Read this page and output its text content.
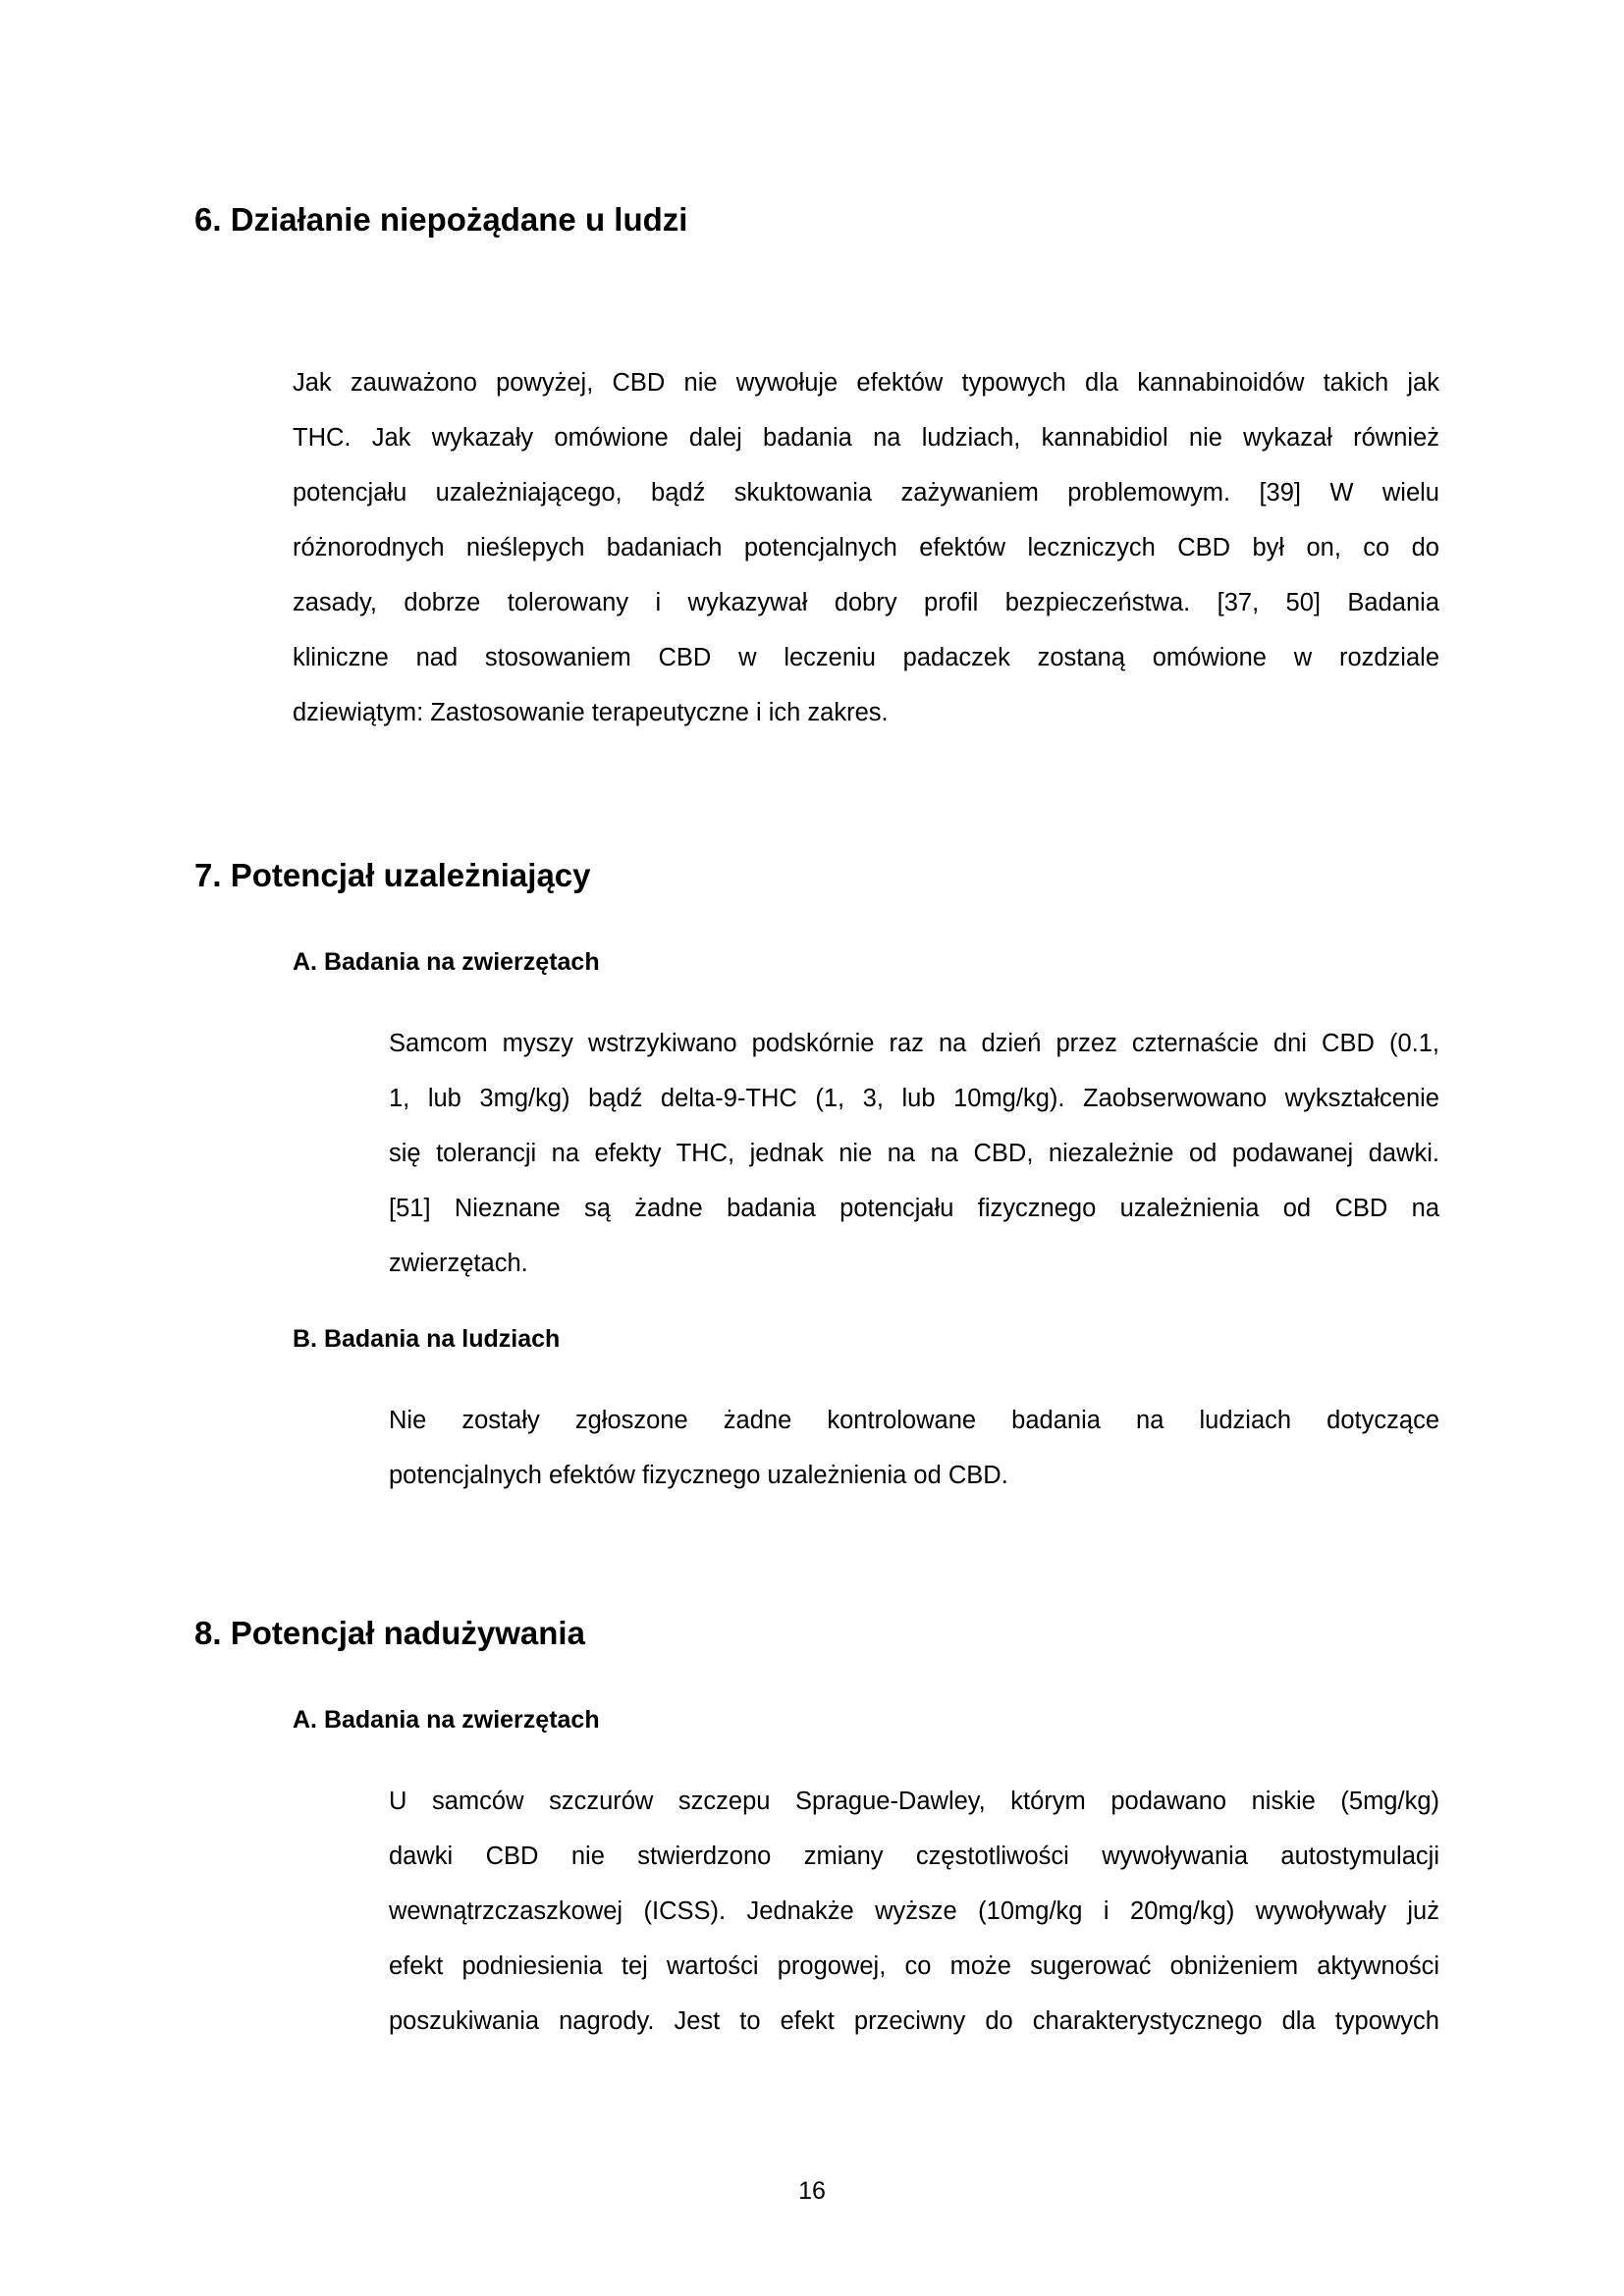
6. Działanie niepożądane u ludzi
Jak zauważono powyżej, CBD nie wywołuje efektów typowych dla kannabinoidów takich jak
THC. Jak wykazały omówione dalej badania na ludziach, kannabidiol nie wykazał również
potencjału uzależniającego, bądź skuktowania zażywaniem problemowym. [39] W wielu
różnorodnych nieślepych badaniach potencjalnych efektów leczniczych CBD był on, co do
zasady, dobrze tolerowany i wykazywał dobry profil bezpieczeństwa. [37, 50] Badania
kliniczne nad stosowaniem CBD w leczeniu padaczek zostaną omówione w rozdziale
dziewiątym: Zastosowanie terapeutyczne i ich zakres.
7. Potencjał uzależniający
A. Badania na zwierzętach
Samcom myszy wstrzykiwano podskórnie raz na dzień przez czternaście dni CBD (0.1,
1, lub 3mg/kg) bądź delta-9-THC (1, 3, lub 10mg/kg). Zaobserwowano wykształcenie
się tolerancji na efekty THC, jednak nie na na CBD, niezależnie od podawanej dawki.
[51] Nieznane są żadne badania potencjału fizycznego uzależnienia od CBD na
zwierzętach.
B. Badania na ludziach
Nie zostały zgłoszone żadne kontrolowane badania na ludziach dotyczące
potencjalnych efektów fizycznego uzależnienia od CBD.
8. Potencjał nadużywania
A. Badania na zwierzętach
U samców szczurów szczepu Sprague-Dawley, którym podawano niskie (5mg/kg)
dawki CBD nie stwierdzono zmiany częstotliwości wywoływania autostymulacji
wewnątrzczaszkowej (ICSS). Jednakże wyższe (10mg/kg i 20mg/kg) wywoływały już
efekt podniesienia tej wartości progowej, co może sugerować obniżeniem aktywności
poszukiwania nagrody. Jest to efekt przeciwny do charakterystycznego dla typowych
16
